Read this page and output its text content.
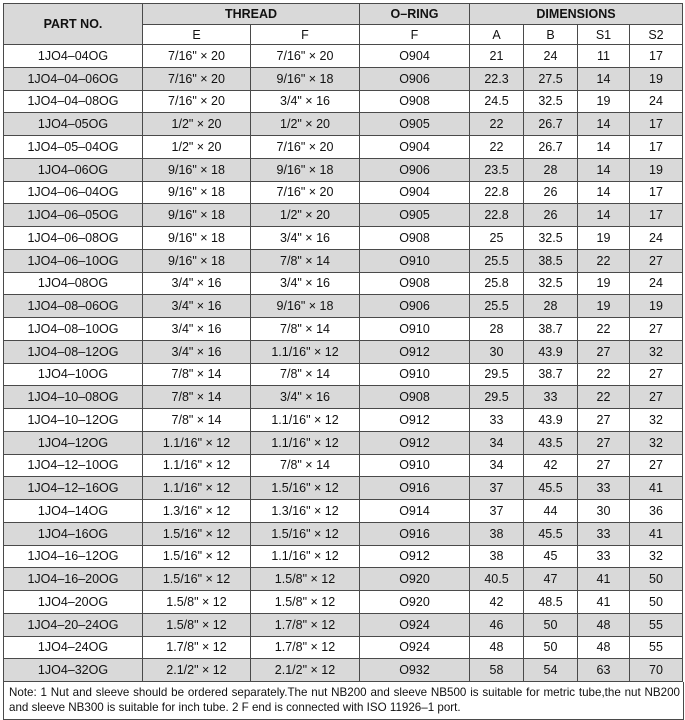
PART NO.	THREAD		O–RING	DIMENSIONS			
	E	F	F	A	B	S1	S2
1JO4–04OG	7/16" × 20	7/16" × 20	O904	21	24	11	17
1JO4–04–06OG	7/16" × 20	9/16" × 18	O906	22.3	27.5	14	19
1JO4–04–08OG	7/16" × 20	3/4" × 16	O908	24.5	32.5	19	24
1JO4–05OG	1/2" × 20	1/2" × 20	O905	22	26.7	14	17
1JO4–05–04OG	1/2" × 20	7/16" × 20	O904	22	26.7	14	17
1JO4–06OG	9/16" × 18	9/16" × 18	O906	23.5	28	14	19
1JO4–06–04OG	9/16" × 18	7/16" × 20	O904	22.8	26	14	17
1JO4–06–05OG	9/16" × 18	1/2" × 20	O905	22.8	26	14	17
1JO4–06–08OG	9/16" × 18	3/4" × 16	O908	25	32.5	19	24
1JO4–06–10OG	9/16" × 18	7/8" × 14	O910	25.5	38.5	22	27
1JO4–08OG	3/4" × 16	3/4" × 16	O908	25.8	32.5	19	24
1JO4–08–06OG	3/4" × 16	9/16" × 18	O906	25.5	28	19	19
1JO4–08–10OG	3/4" × 16	7/8" × 14	O910	28	38.7	22	27
1JO4–08–12OG	3/4" × 16	1.1/16" × 12	O912	30	43.9	27	32
1JO4–10OG	7/8" × 14	7/8" × 14	O910	29.5	38.7	22	27
1JO4–10–08OG	7/8" × 14	3/4" × 16	O908	29.5	33	22	27
1JO4–10–12OG	7/8" × 14	1.1/16" × 12	O912	33	43.9	27	32
1JO4–12OG	1.1/16" × 12	1.1/16" × 12	O912	34	43.5	27	32
1JO4–12–10OG	1.1/16" × 12	7/8" × 14	O910	34	42	27	27
1JO4–12–16OG	1.1/16" × 12	1.5/16" × 12	O916	37	45.5	33	41
1JO4–14OG	1.3/16" × 12	1.3/16" × 12	O914	37	44	30	36
1JO4–16OG	1.5/16" × 12	1.5/16" × 12	O916	38	45.5	33	41
1JO4–16–12OG	1.5/16" × 12	1.1/16" × 12	O912	38	45	33	32
1JO4–16–20OG	1.5/16" × 12	1.5/8" × 12	O920	40.5	47	41	50
1JO4–20OG	1.5/8" × 12	1.5/8" × 12	O920	42	48.5	41	50
1JO4–20–24OG	1.5/8" × 12	1.7/8" × 12	O924	46	50	48	55
1JO4–24OG	1.7/8" × 12	1.7/8" × 12	O924	48	50	48	55
1JO4–32OG	2.1/2" × 12	2.1/2" × 12	O932	58	54	63	70
Note: 1 Nut and sleeve should be ordered separately.The nut NB200 and sleeve NB500 is suitable for metric tube,the nut NB200 and sleeve NB300 is suitable for inch tube. 2 F end is connected with ISO 11926–1 port.
